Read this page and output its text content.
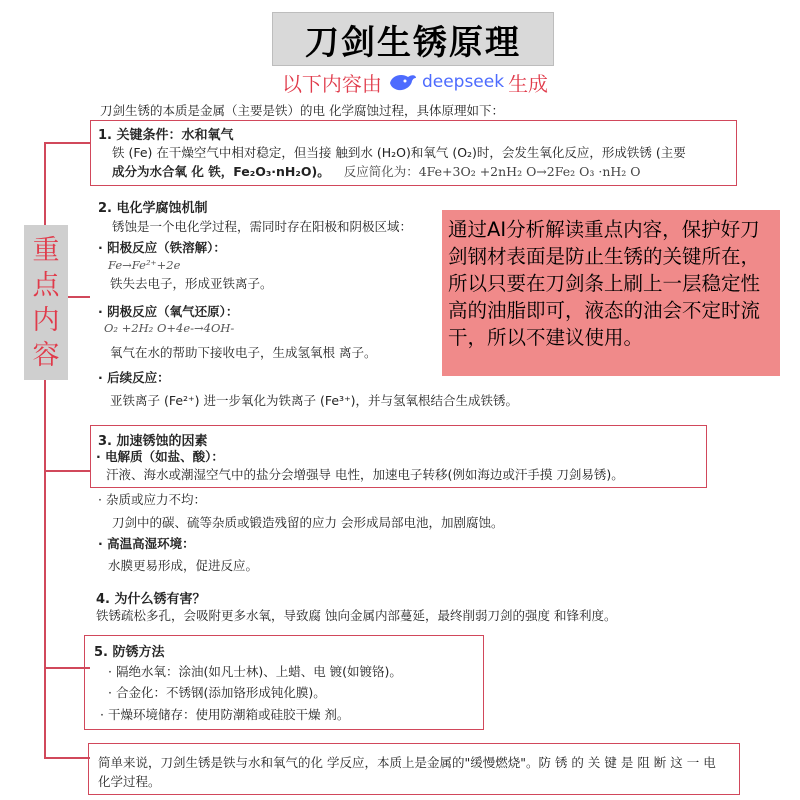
刀剑生锈原理
以下内容由 deepseek 生成
重
点
内
容
刀剑生锈的本质是金属（主要是铁）的电 化学腐蚀过程，具体原理如下：
1. 关键条件：水和氧气
铁 (Fe) 在干燥空气中相对稳定，但当接 触到水 (H₂O)和氧气 (O₂)时，会发生氧化反应，形成铁锈 (主要
成分为水合氧 化 铁，Fe₂O₃·nH₂O)。 反应简化为：4Fe+3O₂ +2nH₂ O→2Fe₂ O₃ ·nH₂ O
2. 电化学腐蚀机制
锈蚀是一个电化学过程，需同时存在阳极和阴极区域：
· 阳极反应（铁溶解）：
Fe→Fe²⁺+2e
铁失去电子，形成亚铁离子。
· 阴极反应（氧气还原）：
O₂ +2H₂ O+4e-→4OH-
氧气在水的帮助下接收电子，生成氢氧根 离子。
· 后续反应：
亚铁离子 (Fe²⁺) 进一步氧化为铁离子 (Fe³⁺)，并与氢氧根结合生成铁锈。
通过AI分析解读重点内容，保护好刀剑钢材表面是防止生锈的关键所在，所以只要在刀剑条上刷上一层稳定性高的油脂即可，液态的油会不定时流干，所以不建议使用。
3. 加速锈蚀的因素
· 电解质（如盐、酸）：
汗液、海水或潮湿空气中的盐分会增强导 电性，加速电子转移(例如海边或汗手摸 刀剑易锈)。
· 杂质或应力不均：
刀剑中的碳、硫等杂质或锻造残留的应力 会形成局部电池，加剧腐蚀。
· 高温高湿环境：
水膜更易形成，促进反应。
4. 为什么锈有害？
铁锈疏松多孔，会吸附更多水氧，导致腐 蚀向金属内部蔓延，最终削弱刀剑的强度 和锋利度。
5. 防锈方法
· 隔绝水氧：涂油(如凡士林)、上蜡、电 镀(如镀铬)。
· 合金化：不锈钢(添加铬形成钝化膜)。
· 干燥环境储存：使用防潮箱或硅胶干燥 剂。
简单来说，刀剑生锈是铁与水和氧气的化 学反应，本质上是金属的"缓慢燃烧"。防 锈 的 关 键 是 阻 断 这 一 电
化学过程。
